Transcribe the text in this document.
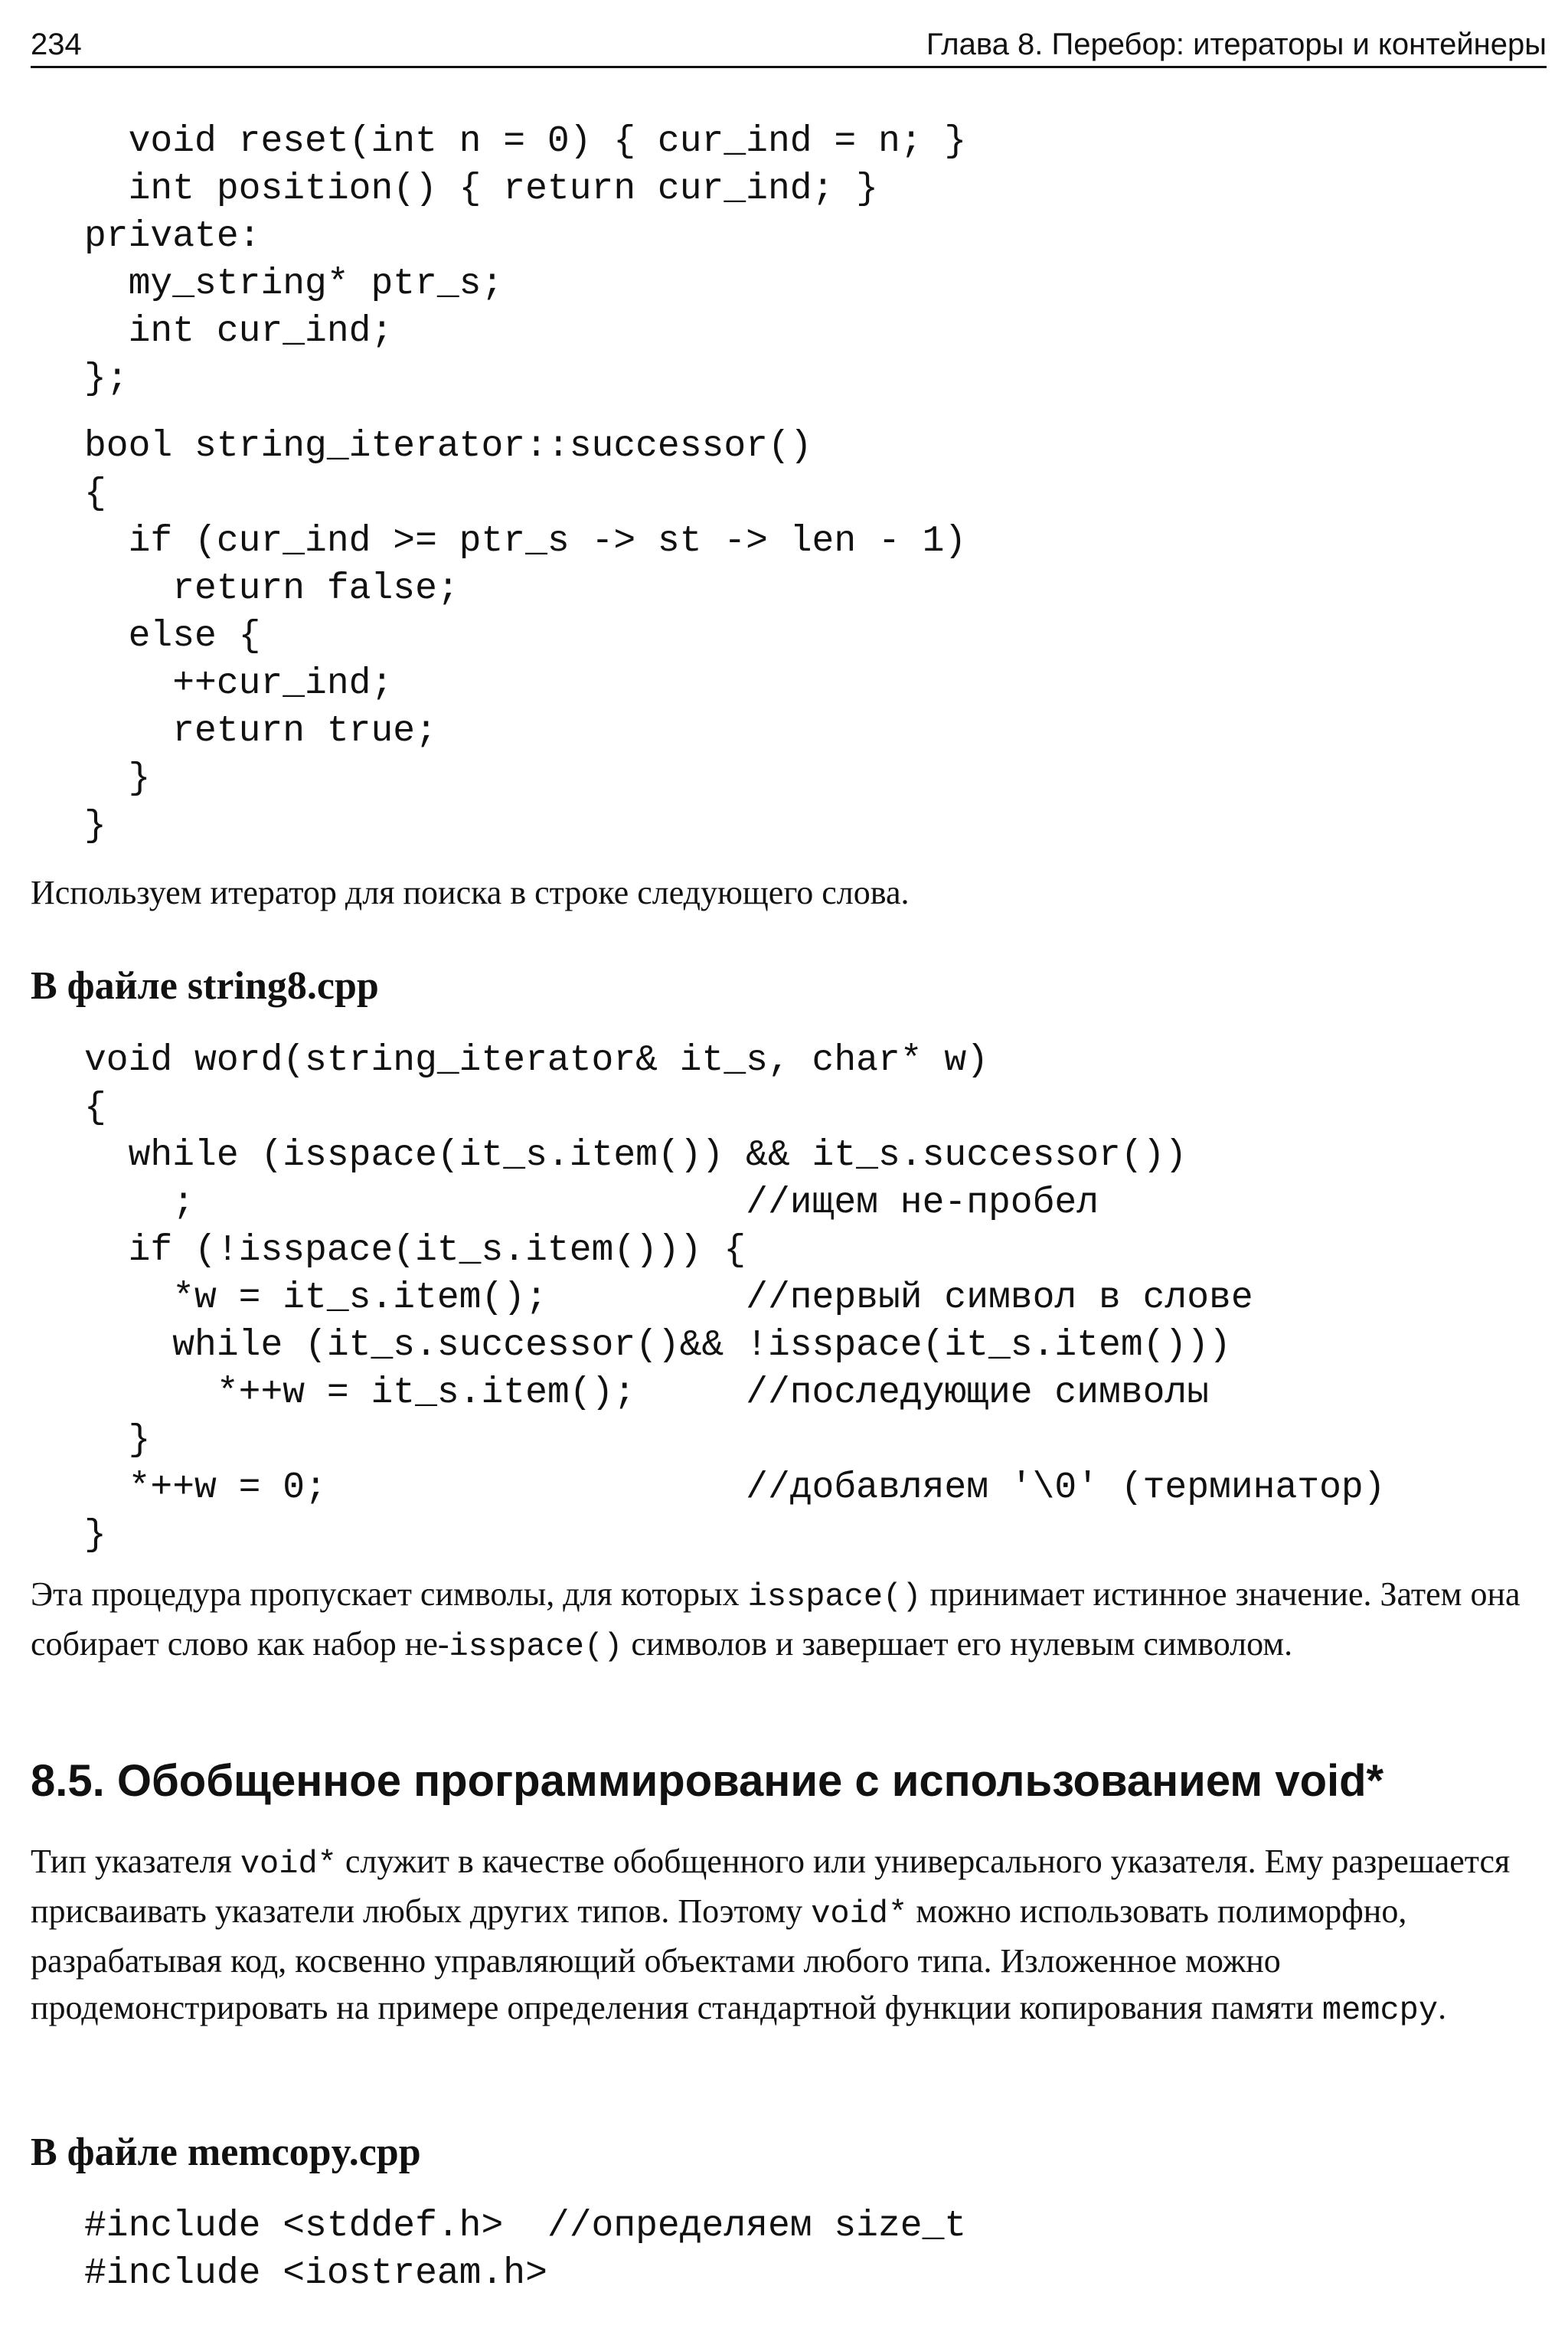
234	Глава 8. Перебор: итераторы и контейнеры
void reset(int n = 0) { cur_ind = n; }
int position() { return cur_ind; }
private:
my_string* ptr_s;
int cur_ind;
};
bool string_iterator::successor()
{
if (cur_ind >= ptr_s -> st -> len - 1)
return false;
else {
++cur_ind;
return true;
}
}

Используем итератор для поиска в строке следующего слова.

В файле string8.cpp
void word(string_iterator& it_s, char* w)
{
while (isspace(it_s.item()) && it_s.successor())
;                         //ищем не-пробел
if (!isspace(it_s.item())) {
*w = it_s.item();         //первый символ в слове
while (it_s.successor()&& !isspace(it_s.item()))
*++w = it_s.item();     //последующие символы
}
*++w = 0;                   //добавляем '\0' (терминатор)
}

Эта процедура пропускает символы, для которых isspace() принимает истинное значение. Затем она собирает слово как набор не-isspace() символов и завершает его нулевым символом.

8.5. Обобщенное программирование с использованием void*

Тип указателя void* служит в качестве обобщенного или универсального указателя. Ему разрешается присваивать указатели любых других типов. Поэтому void* можно использовать полиморфно, разрабатывая код, косвенно управляющий объектами любого типа. Изложенное можно продемонстрировать на примере определения стандартной функции копирования памяти memcpy.

В файле memcopy.cpp
#include <stddef.h>  //определяем size_t
#include <iostream.h>
